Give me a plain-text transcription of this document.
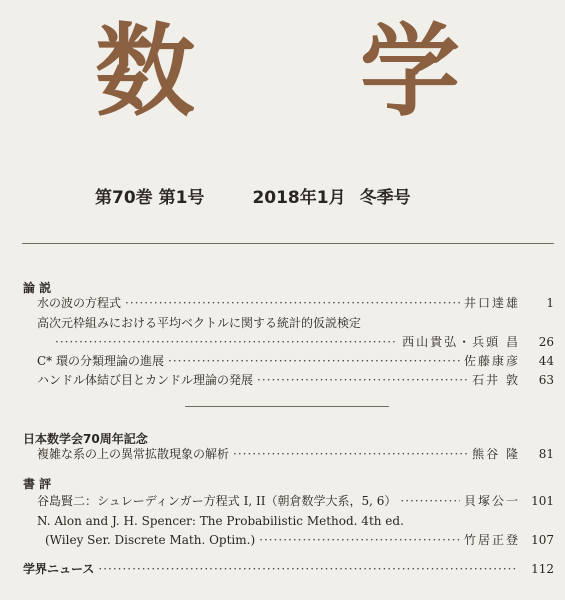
数 学
第70巻 第1号	2018年1月 冬季号
論 説
水の波の方程式 ·····	井口達雄	1
高次元枠組みにおける平均ベクトルに関する統計的仮説検定
·····
西山貴弘・兵頭 昌	26
C* 環の分類理論の進展 ·····	佐藤康彦	44
ハンドル体結び目とカンドル理論の発展 ·····	石井 敦	63
日本数学会70周年記念
複雑な系の上の異常拡散現象の解析 ·····	熊谷 隆	81
書 評
谷島賢二：シュレーディンガー方程式 I, II（朝倉数学大系，5, 6） ·····	貝塚公一 101
N. Alon and J. H. Spencer: The Probabilistic Method. 4th ed.
(Wiley Ser. Discrete Math. Optim.) ·····	竹居正登 107
学界ニュース ·····	112
